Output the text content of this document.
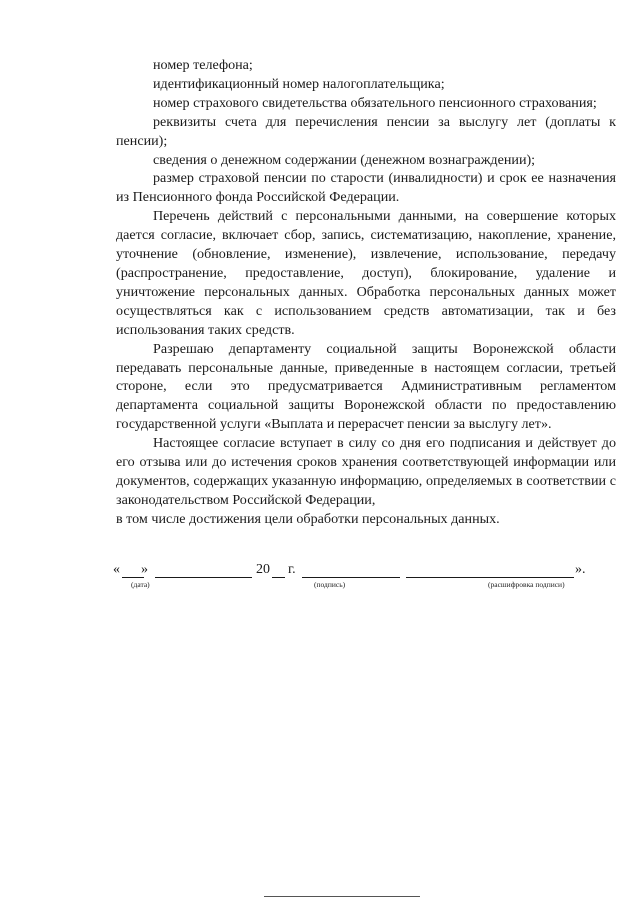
номер телефона;

идентификационный номер налогоплательщика;

номер страхового свидетельства обязательного пенсионного страхования;

реквизиты счета для перечисления пенсии за выслугу лет (доплаты к пенсии);

сведения о денежном содержании (денежном вознаграждении);

размер страховой пенсии по старости (инвалидности) и срок ее назначения из Пенсионного фонда Российской Федерации.

Перечень действий с персональными данными, на совершение которых дается согласие, включает сбор, запись, систематизацию, накопление, хранение, уточнение (обновление, изменение), извлечение, использование, передачу (распространение, предоставление, доступ), блокирование, удаление и уничтожение персональных данных. Обработка персональных данных может осуществляться как с использованием средств автоматизации, так и без использования таких средств.

Разрешаю департаменту социальной защиты Воронежской области передавать персональные данные, приведенные в настоящем согласии, третьей стороне, если это предусматривается Административным регламентом департамента социальной защиты Воронежской области по предоставлению государственной услуги «Выплата и перерасчет пенсии за выслугу лет».

Настоящее согласие вступает в силу со дня его подписания и действует до его отзыва или до истечения сроков хранения соответствующей информации или документов, содержащих указанную информацию, определяемых в соответствии с законодательством Российской Федерации,

в том числе достижения цели обработки персональных данных.

« »	20 г.	».
(дата)	(подпись)	(расшифровка подписи)
